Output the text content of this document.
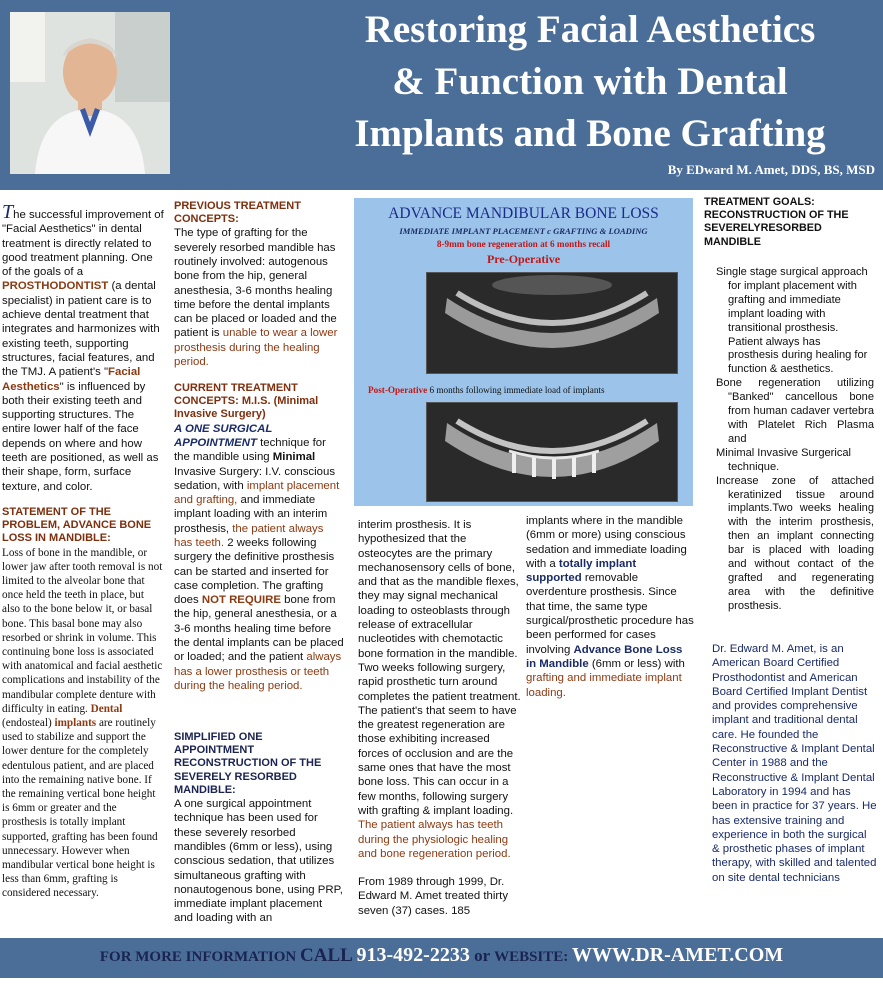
Restoring Facial Aesthetics
& Function with Dental
Implants and Bone Grafting
By EDward M. Amet, DDS, BS, MSD

The successful improvement of "Facial Aesthetics" in dental treatment is directly related to good treatment planning. One of the goals of a PROSTHODONTIST (a dental specialist) in patient care is to achieve dental treatment that integrates and harmonizes with existing teeth, supporting structures, facial features, and the TMJ. A patient's "Facial Aesthetics" is influenced by both their existing teeth and supporting structures. The entire lower half of the face depends on where and how teeth are positioned, as well as their shape, form, surface texture, and color.

STATEMENT OF THE PROBLEM, ADVANCE BONE LOSS IN MANDIBLE:

Loss of bone in the mandible, or lower jaw after tooth removal is not limited to the alveolar bone that once held the teeth in place, but also to the bone below it, or basal bone. This basal bone may also resorbed or shrink in volume. This continuing bone loss is associated with anatomical and facial aesthetic complications and instability of the mandibular complete denture with difficulty in eating. Dental (endosteal) implants are routinely used to stabilize and support the lower denture for the completely edentulous patient, and are placed into the remaining native bone. If the remaining vertical bone height is 6mm or greater and the prosthesis is totally implant supported, grafting has been found unnecessary. However when mandibular vertical bone height is less than 6mm, grafting is considered necessary.

PREVIOUS TREATMENT CONCEPTS:

The type of grafting for the severely resorbed mandible has routinely involved: autogenous bone from the hip, general anesthesia, 3-6 months healing time before the dental implants can be placed or loaded and the patient is unable to wear a lower prosthesis during the healing period.

CURRENT TREATMENT CONCEPTS: M.I.S. (Minimal Invasive Surgery)

A ONE SURGICAL APPOINTMENT technique for the mandible using Minimal Invasive Surgery: I.V. conscious sedation, with implant placement and grafting, and immediate implant loading with an interim prosthesis, the patient always has teeth. 2 weeks following surgery the definitive prosthesis can be started and inserted for case completion. The grafting does NOT REQUIRE bone from the hip, general anesthesia, or a 3-6 months healing time before the dental implants can be placed or loaded; and the patient always has a lower prosthesis or teeth during the healing period.

SIMPLIFIED ONE APPOINTMENT RECONSTRUCTION OF THE SEVERELY RESORBED MANDIBLE:

A one surgical appointment technique has been used for these severely resorbed mandibles (6mm or less), using conscious sedation, that utilizes simultaneous grafting with nonautogenous bone, using PRP, immediate implant placement and loading with an

ADVANCE MANDIBULAR BONE LOSS
IMMEDIATE IMPLANT PLACEMENT c GRAFTING & LOADING
8-9mm bone regeneration at 6 months recall
Pre-Operative
Post-Operative 6 months following immediate load of implants

interim prosthesis. It is hypothesized that the osteocytes are the primary mechanosensory cells of bone, and that as the mandible flexes, they may signal mechanical loading to osteoblasts through release of extracellular nucleotides with chemotactic bone formation in the mandible. Two weeks following surgery, rapid prosthetic turn around completes the patient treatment. The patient's that seem to have the greatest regeneration are those exhibiting increased forces of occlusion and are the same ones that have the most bone loss. This can occur in a few months, following surgery with grafting & implant loading. The patient always has teeth during the physiologic healing and bone regeneration period.

From 1989 through 1999, Dr. Edward M. Amet treated thirty seven (37) cases. 185

implants where in the mandible (6mm or more) using conscious sedation and immediate loading with a totally implant supported removable overdenture prosthesis. Since that time, the same type surgical/prosthetic procedure has been performed for cases involving Advance Bone Loss in Mandible (6mm or less) with grafting and immediate implant loading.

TREATMENT GOALS: RECONSTRUCTION OF THE SEVERELYRESORBED MANDIBLE
Single stage surgical approach for implant placement with grafting and immediate implant loading with transitional prosthesis. Patient always has prosthesis during healing for function & aesthetics.
Bone regeneration utilizing "Banked" cancellous bone from human cadaver vertebra with Platelet Rich Plasma and
Minimal Invasive Surgerical technique.
Increase zone of attached keratinized tissue around implants.Two weeks healing with the interim prosthesis, then an implant connecting bar is placed with loading and without contact of the grafted and regenerating area with the definitive prosthesis.
Dr. Edward M. Amet, is an American Board Certified Prosthodontist and American Board Certified Implant Dentist and provides comprehensive implant and traditional dental care. He founded the Reconstructive & Implant Dental Center in 1988 and the Reconstructive & Implant Dental Laboratory in 1994 and has been in practice for 37 years. He has extensive training and experience in both the surgical & prosthetic phases of implant therapy, with skilled and talented on site dental technicians
FOR MORE INFORMATION CALL 913-492-2233 or WEBSITE: WWW.DR-AMET.COM
